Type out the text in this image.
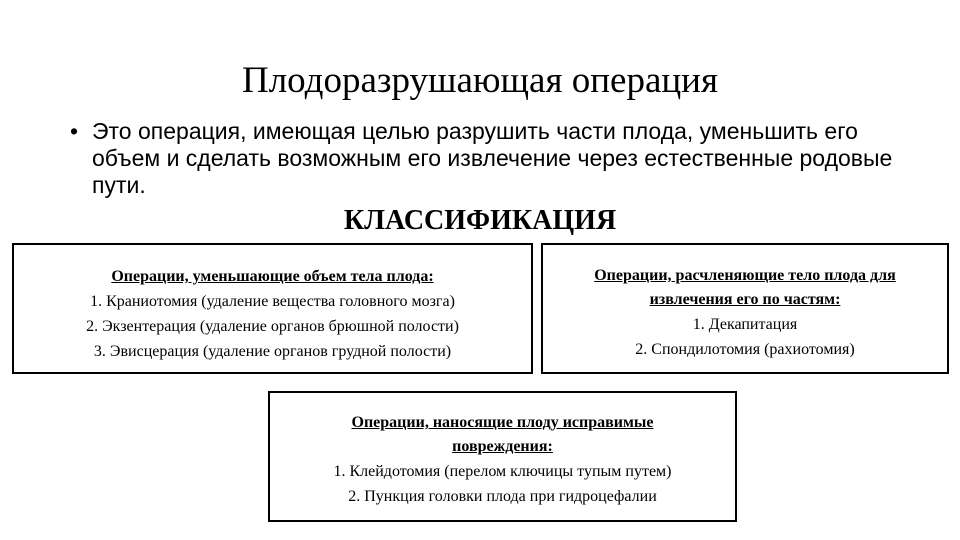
Плодоразрушающая операция
• Это операция, имеющая целью разрушить части плода, уменьшить его объем и сделать возможным его извлечение через естественные родовые пути.
КЛАССИФИКАЦИЯ
Операции, уменьшающие объем тела плода:
1. Краниотомия (удаление вещества головного мозга)
2. Экзентерация (удаление органов брюшной полости)
3. Эвисцерация (удаление органов грудной полости)
Операции, расчленяющие тело плода для
извлечения его по частям:
1. Декапитация
2. Спондилотомия (рахиотомия)
Операции, наносящие плоду исправимые
повреждения:
1. Клейдотомия (перелом ключицы тупым путем)
2. Пункция головки плода при гидроцефалии
